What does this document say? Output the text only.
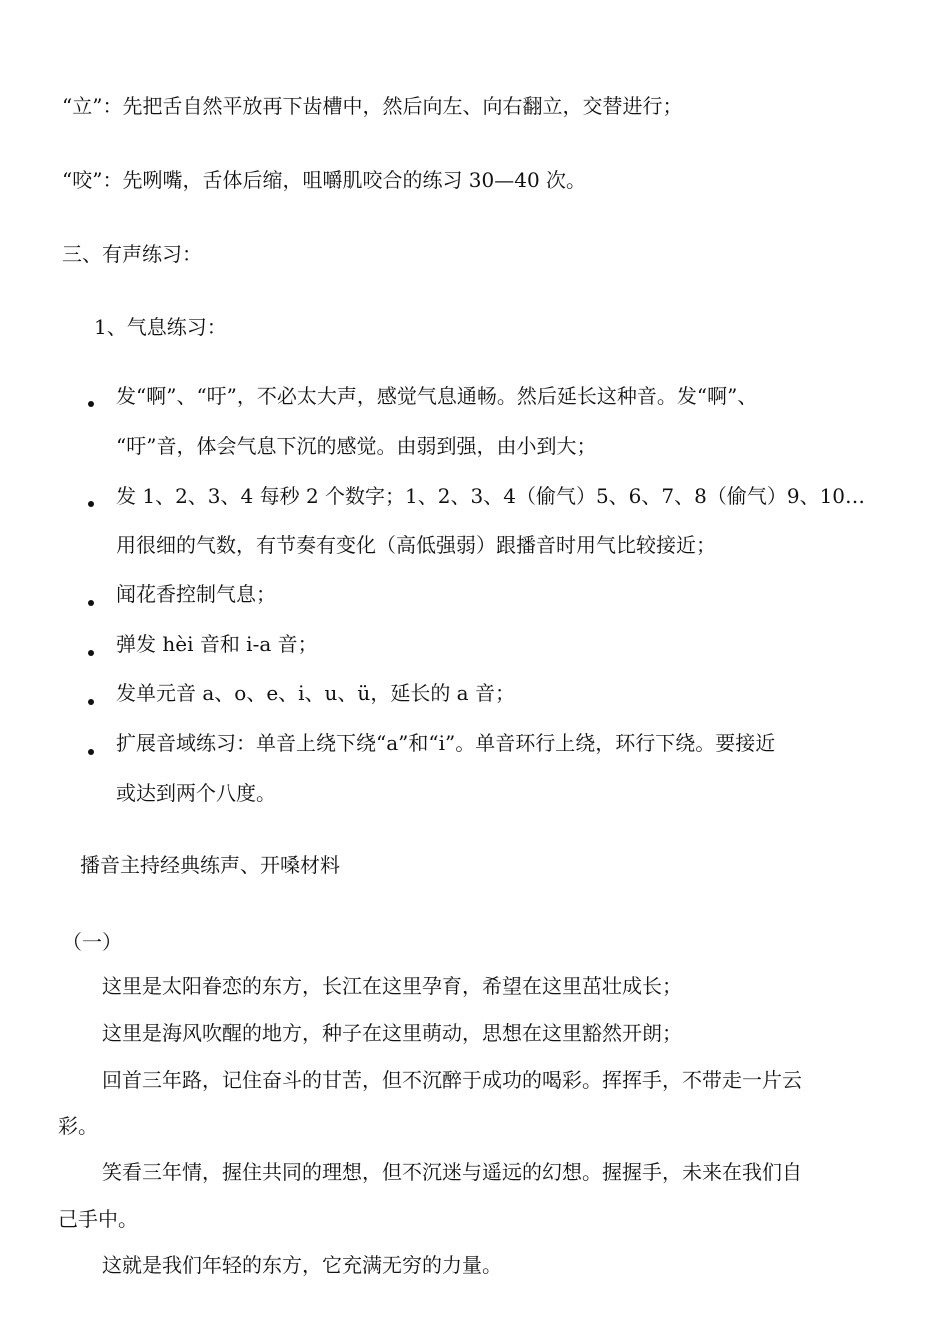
“立”：先把舌自然平放再下齿槽中，然后向左、向右翻立，交替进行；
“咬”：先咧嘴，舌体后缩，咀嚼肌咬合的练习 30—40 次。
三、有声练习：
1、气息练习：
发“啊”、“吁”，不必太大声，感觉气息通畅。然后延长这种音。发“啊”、
“吁”音，体会气息下沉的感觉。由弱到强，由小到大；
发 1、2、3、4 每秒 2 个数字；1、2、3、4（偷气）5、6、7、8（偷气）9、10…
用很细的气数，有节奏有变化（高低强弱）跟播音时用气比较接近；
闻花香控制气息；
弹发 hèi 音和 i-a 音；
发单元音 a、o、e、i、u、ü，延长的 a 音；
扩展音域练习：单音上绕下绕“a”和“i”。单音环行上绕，环行下绕。要接近
或达到两个八度。
播音主持经典练声、开嗓材料
（一）
这里是太阳眷恋的东方，长江在这里孕育，希望在这里茁壮成长；
这里是海风吹醒的地方，种子在这里萌动，思想在这里豁然开朗；
回首三年路，记住奋斗的甘苦，但不沉醉于成功的喝彩。挥挥手，不带走一片云
彩。
笑看三年情，握住共同的理想，但不沉迷与遥远的幻想。握握手，未来在我们自
己手中。
这就是我们年轻的东方，它充满无穷的力量。
